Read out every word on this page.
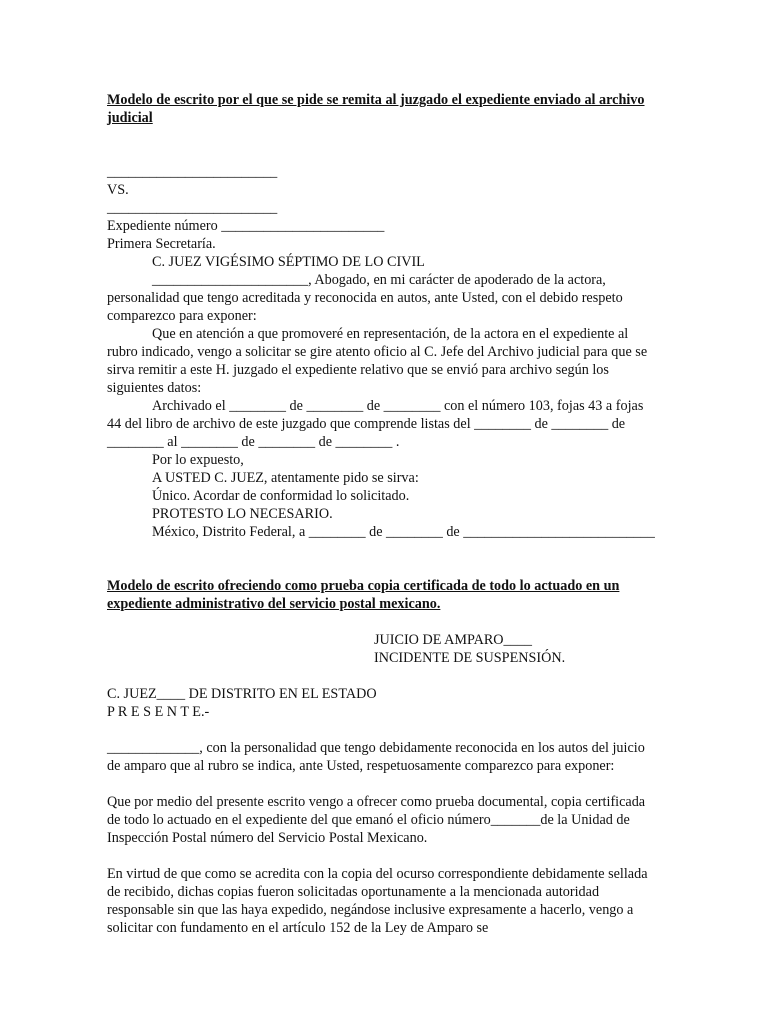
Modelo de escrito por el que se pide se remita al juzgado el expediente enviado al archivo judicial

________________________

VS.

________________________

Expediente número _______________________

Primera Secretaría.

C. JUEZ VIGÉSIMO SÉPTIMO DE LO CIVIL

______________________, Abogado, en mi carácter de apoderado de la actora, personalidad que tengo acreditada y reconocida en autos, ante Usted, con el debido respeto comparezco para exponer:

Que en atención a que promoveré en representación, de la actora en el expediente al rubro indicado, vengo a solicitar se gire atento oficio al C. Jefe del Archivo judicial para que se sirva remitir a este H. juzgado el expediente relativo que se envió para archivo según los siguientes datos:

Archivado el ________ de ________ de ________ con el número 103, fojas 43 a fojas 44 del libro de archivo de este juzgado que comprende listas del ________ de ________ de ________ al ________ de ________ de ________ .

Por lo expuesto,

A USTED C. JUEZ, atentamente pido se sirva:

Único. Acordar de conformidad lo solicitado.

PROTESTO LO NECESARIO.

México, Distrito Federal, a ________ de ________ de ___________________________

Modelo de escrito ofreciendo como prueba copia certificada de todo lo actuado en un expediente administrativo del servicio postal mexicano.

JUICIO DE AMPARO____

INCIDENTE DE SUSPENSIÓN.

C. JUEZ____ DE DISTRITO EN EL ESTADO

P R E S E N T E.-

_____________, con la personalidad que tengo debidamente reconocida en los autos del juicio de amparo que al rubro se indica, ante Usted, respetuosamente comparezco para exponer:

Que por medio del presente escrito vengo a ofrecer como prueba documental, copia certificada de todo lo actuado en el expediente del que emanó el oficio número_______de la Unidad de Inspección Postal número del Servicio Postal Mexicano.

En virtud de que como se acredita con la copia del ocurso correspondiente debidamente sellada de recibido, dichas copias fueron solicitadas oportunamente a la mencionada autoridad responsable sin que las haya expedido, negándose inclusive expresamente a hacerlo, vengo a solicitar con fundamento en el artículo 152 de la Ley de Amparo se
